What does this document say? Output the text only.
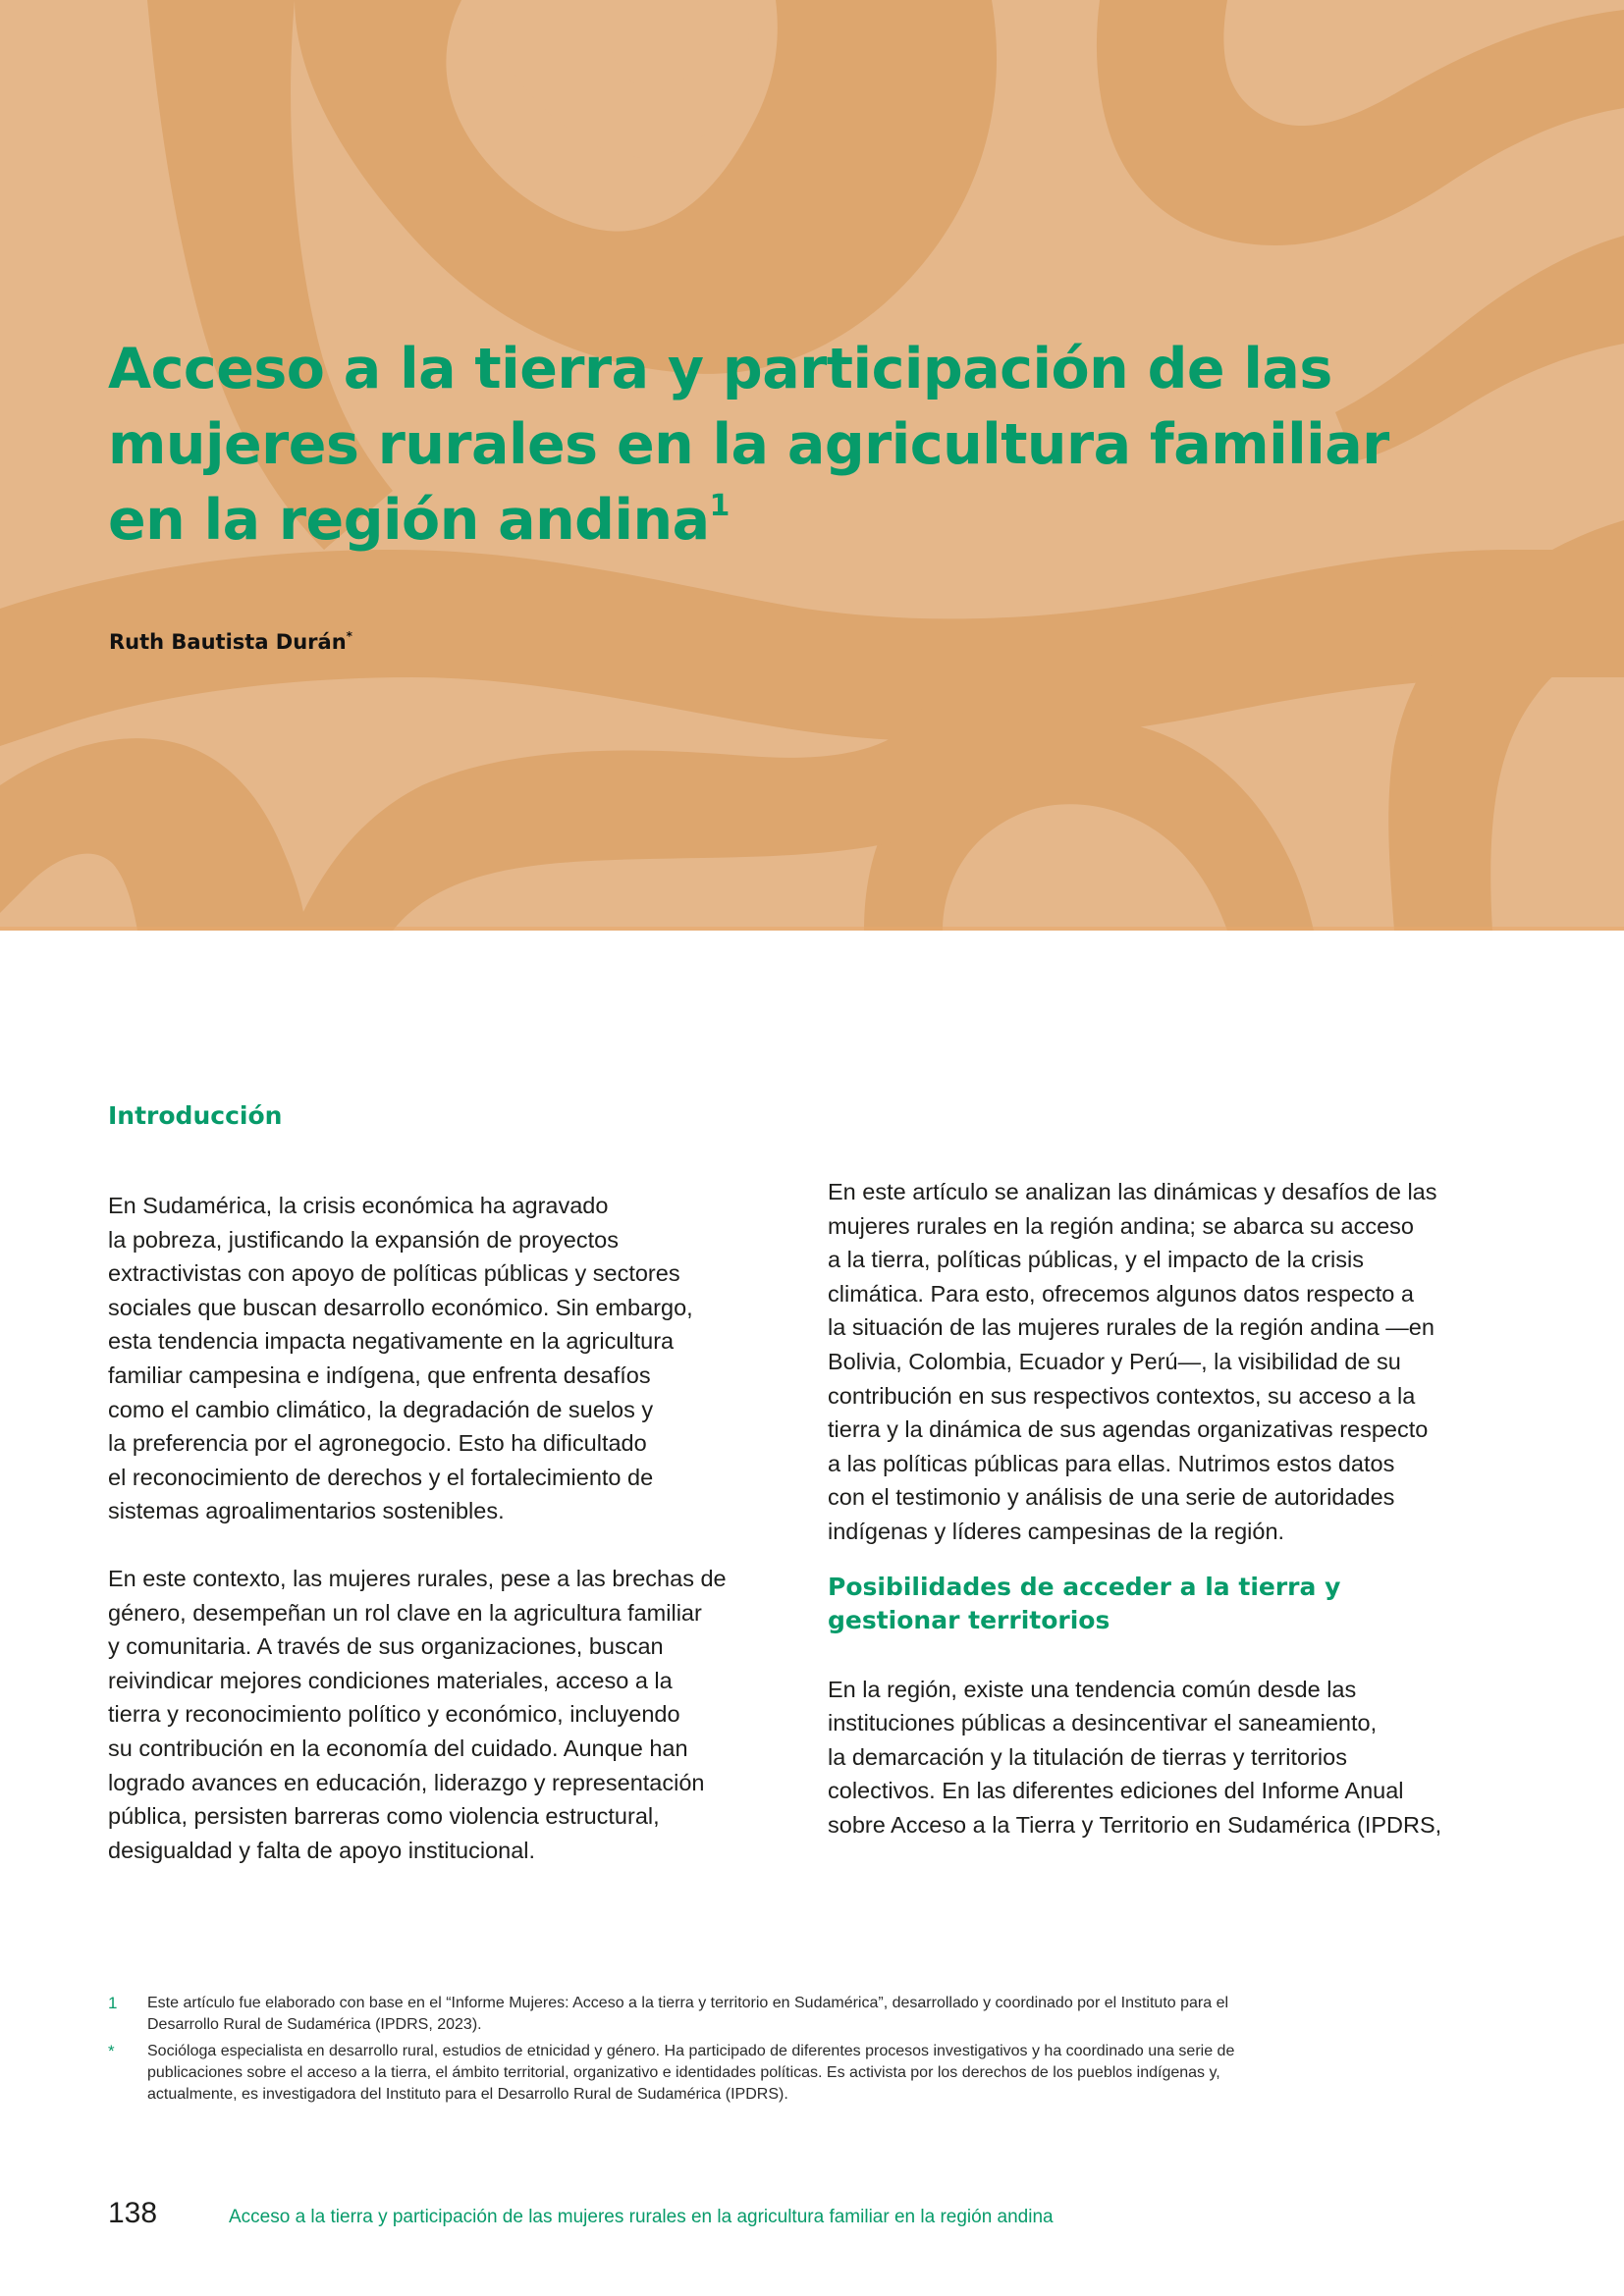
Acceso a la tierra y participación de las
mujeres rurales en la agricultura familiar
en la región andina$^1$
Ruth Bautista Durán*
Introducción

En Sudamérica, la crisis económica ha agravado
la pobreza, justificando la expansión de proyectos
extractivistas con apoyo de políticas públicas y sectores
sociales que buscan desarrollo económico. Sin embargo,
esta tendencia impacta negativamente en la agricultura
familiar campesina e indígena, que enfrenta desafíos
como el cambio climático, la degradación de suelos y
la preferencia por el agronegocio. Esto ha dificultado
el reconocimiento de derechos y el fortalecimiento de
sistemas agroalimentarios sostenibles.

En este contexto, las mujeres rurales, pese a las brechas de
género, desempeñan un rol clave en la agricultura familiar
y comunitaria. A través de sus organizaciones, buscan
reivindicar mejores condiciones materiales, acceso a la
tierra y reconocimiento político y económico, incluyendo
su contribución en la economía del cuidado. Aunque han
logrado avances en educación, liderazgo y representación
pública, persisten barreras como violencia estructural,
desigualdad y falta de apoyo institucional.

En este artículo se analizan las dinámicas y desafíos de las
mujeres rurales en la región andina; se abarca su acceso
a la tierra, políticas públicas, y el impacto de la crisis
climática. Para esto, ofrecemos algunos datos respecto a
la situación de las mujeres rurales de la región andina —en
Bolivia, Colombia, Ecuador y Perú—, la visibilidad de su
contribución en sus respectivos contextos, su acceso a la
tierra y la dinámica de sus agendas organizativas respecto
a las políticas públicas para ellas. Nutrimos estos datos
con el testimonio y análisis de una serie de autoridades
indígenas y líderes campesinas de la región.

Posibilidades de acceder a la tierra y
gestionar territorios

En la región, existe una tendencia común desde las
instituciones públicas a desincentivar el saneamiento,
la demarcación y la titulación de tierras y territorios
colectivos. En las diferentes ediciones del Informe Anual
sobre Acceso a la Tierra y Territorio en Sudamérica (IPDRS,

1	Este artículo fue elaborado con base en el “Informe Mujeres: Acceso a la tierra y territorio en Sudamérica”, desarrollado y coordinado por el Instituto para el
Desarrollo Rural de Sudamérica (IPDRS, 2023).
*	Socióloga especialista en desarrollo rural, estudios de etnicidad y género. Ha participado de diferentes procesos investigativos y ha coordinado una serie de
publicaciones sobre el acceso a la tierra, el ámbito territorial, organizativo e identidades políticas. Es activista por los derechos de los pueblos indígenas y,
actualmente, es investigadora del Instituto para el Desarrollo Rural de Sudamérica (IPDRS).
138	Acceso a la tierra y participación de las mujeres rurales en la agricultura familiar en la región andina
